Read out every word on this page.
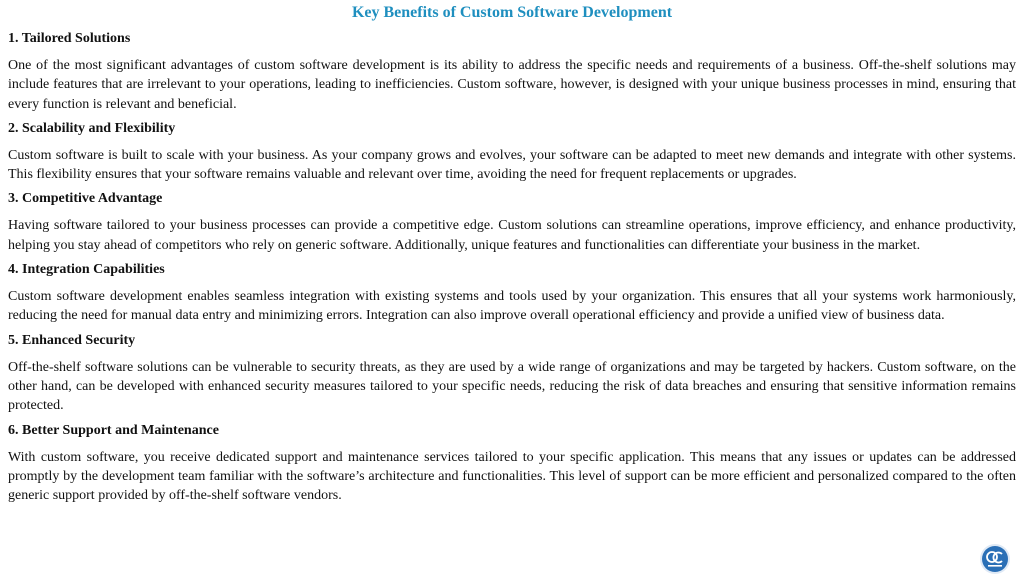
Key Benefits of Custom Software Development
1. Tailored Solutions
One of the most significant advantages of custom software development is its ability to address the specific needs and requirements of a business. Off-the-shelf solutions may include features that are irrelevant to your operations, leading to inefficiencies. Custom software, however, is designed with your unique business processes in mind, ensuring that every function is relevant and beneficial.
2. Scalability and Flexibility
Custom software is built to scale with your business. As your company grows and evolves, your software can be adapted to meet new demands and integrate with other systems. This flexibility ensures that your software remains valuable and relevant over time, avoiding the need for frequent replacements or upgrades.
3. Competitive Advantage
Having software tailored to your business processes can provide a competitive edge. Custom solutions can streamline operations, improve efficiency, and enhance productivity, helping you stay ahead of competitors who rely on generic software. Additionally, unique features and functionalities can differentiate your business in the market.
4. Integration Capabilities
Custom software development enables seamless integration with existing systems and tools used by your organization. This ensures that all your systems work harmoniously, reducing the need for manual data entry and minimizing errors. Integration can also improve overall operational efficiency and provide a unified view of business data.
5. Enhanced Security
Off-the-shelf software solutions can be vulnerable to security threats, as they are used by a wide range of organizations and may be targeted by hackers. Custom software, on the other hand, can be developed with enhanced security measures tailored to your specific needs, reducing the risk of data breaches and ensuring that sensitive information remains protected.
6. Better Support and Maintenance
With custom software, you receive dedicated support and maintenance services tailored to your specific application. This means that any issues or updates can be addressed promptly by the development team familiar with the software’s architecture and functionalities. This level of support can be more efficient and personalized compared to the often generic support provided by off-the-shelf software vendors.
